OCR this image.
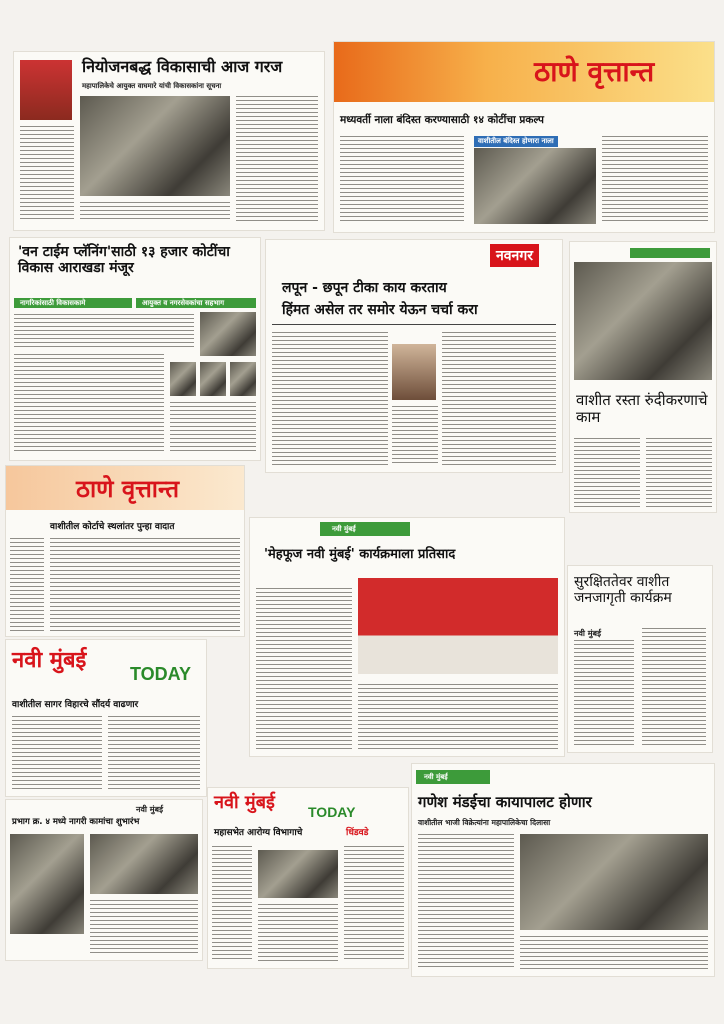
नियोजनबद्ध विकासाची आज गरज
महापालिकेचे आयुक्त वाघमारे यांची विकासकांना सूचना	ठाणे वृत्तान्त
मध्यवर्ती नाला बंदिस्त करण्यासाठी १४ कोटींचा प्रकल्प
वाशीतील बंदिस्त होणारा नाला
'वन टाईम प्लॅनिंग'साठी १३ हजार कोटींचा विकास आराखडा मंजूर
नागरिकांसाठी विकासकामे	आयुक्त व नगरसेवकांचा सहभाग
नवनगर
लपून - छपून टीका काय करताय
हिंमत असेल तर समोर येऊन चर्चा करा
वाशीत रस्ता रुंदीकरणाचे काम
ठाणे वृत्तान्त
वाशीतील कोर्टाचे स्थलांतर पुन्हा वादात	नवी मुंबई
'मेहफूज नवी मुंबई' कार्यक्रमाला प्रतिसाद
सुरक्षिततेवर वाशीत जनजागृती कार्यक्रम
नवी मुंबई
नवी मुंबई
TODAY
वाशीतील सागर विहारचे सौंदर्य वाढणार
नवी मुंबई
प्रभाग क्र. ४ मध्ये नागरी कामांचा शुभारंभ
नवी मुंबई TODAY
महासभेत आरोग्य विभागाचे	धिंडवडे
नवी मुंबई
गणेश मंडईचा कायापालट होणार
वाशीतील भाजी विक्रेत्यांना महापालिकेचा दिलासा
